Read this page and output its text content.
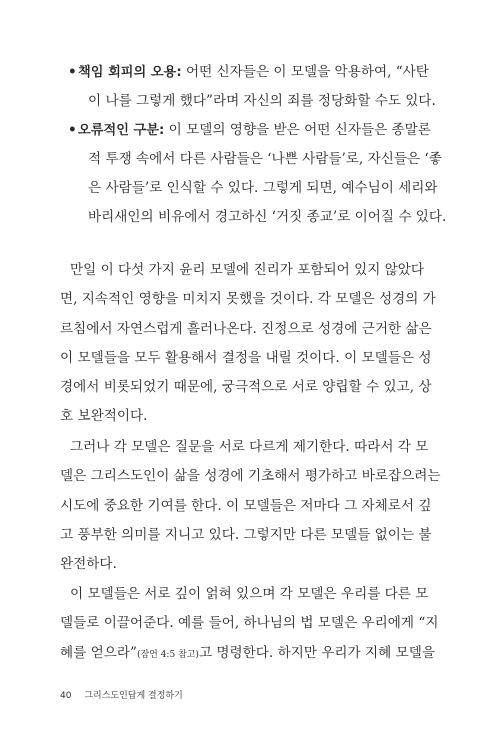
• 책임 회피의 오용: 어떤 신자들은 이 모델을 악용하여, “사탄
이 나를 그렇게 했다”라며 자신의 죄를 정당화할 수도 있다.
• 오류적인 구분: 이 모델의 영향을 받은 어떤 신자들은 종말론
적 투쟁 속에서 다른 사람들은 ‘나쁜 사람들’로, 자신들은 ‘좋
은 사람들’로 인식할 수 있다. 그렇게 되면, 예수님이 세리와
바리새인의 비유에서 경고하신 ‘거짓 종교’로 이어질 수 있다.
만일 이 다섯 가지 윤리 모델에 진리가 포함되어 있지 않았다
면, 지속적인 영향을 미치지 못했을 것이다. 각 모델은 성경의 가
르침에서 자연스럽게 흘러나온다. 진정으로 성경에 근거한 삶은
이 모델들을 모두 활용해서 결정을 내릴 것이다. 이 모델들은 성
경에서 비롯되었기 때문에, 궁극적으로 서로 양립할 수 있고, 상
호 보완적이다.
그러나 각 모델은 질문을 서로 다르게 제기한다. 따라서 각 모
델은 그리스도인이 삶을 성경에 기초해서 평가하고 바로잡으려는
시도에 중요한 기여를 한다. 이 모델들은 저마다 그 자체로서 깊
고 풍부한 의미를 지니고 있다. 그렇지만 다른 모델들 없이는 불
완전하다.
이 모델들은 서로 깊이 얽혀 있으며 각 모델은 우리를 다른 모
델들로 이끌어준다. 예를 들어, 하나님의 법 모델은 우리에게 “지
혜를 얻으라”(잠언 4:5 참고)고 명령한다. 하지만 우리가 지혜 모델을
40 그리스도인답게 결정하기
